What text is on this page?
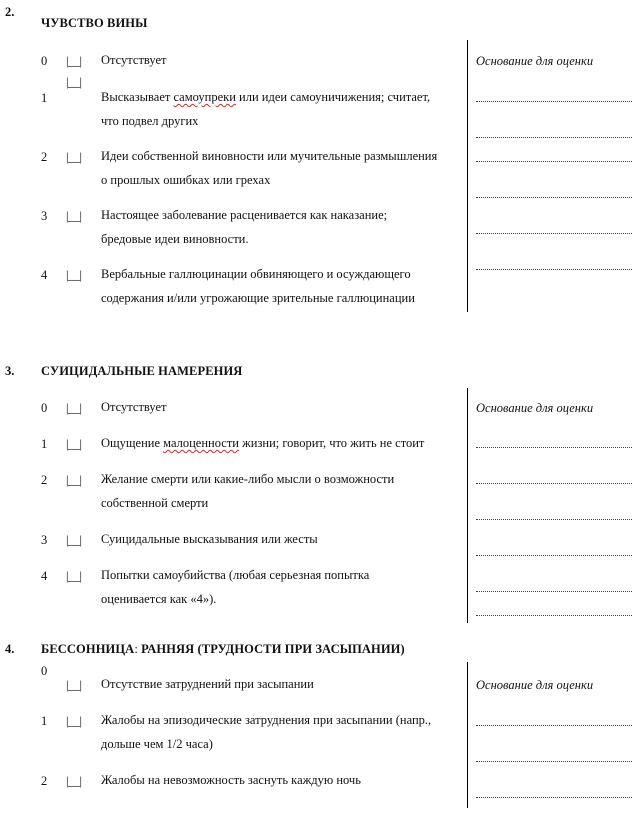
2.
ЧУВСТВО ВИНЫ
Основание для оценки
0 |__| Отсутствует
|__|
1	Высказывает самоупреки или идеи самоуничижения; считает,
что подвел других
2 |__| Идеи собственной виновности или мучительные размышления
о прошлых ошибках или грехах
3 |__| Настоящее заболевание расценивается как наказание;
бредовые идеи виновности.
4 |__| Вербальные галлюцинации обвиняющего и осуждающего
содержания и/или угрожающие зрительные галлюцинации
3. СУИЦИДАЛЬНЫЕ НАМЕРЕНИЯ
Основание для оценки
0 |__| Отсутствует
1 |__| Ощущение малоценности жизни; говорит, что жить не стоит
2 |__| Желание смерти или какие-либо мысли о возможности
собственной смерти
3 |__| Суицидальные высказывания или жесты
4 |__| Попытки самоубийства (любая серьезная попытка
оценивается как «4»).
4. БЕССОННИЦА: РАННЯЯ (ТРУДНОСТИ ПРИ ЗАСЫПАНИИ)
Основание для оценки
0
|__| Отсутствие затруднений при засыпании
1 |__| Жалобы на эпизодические затруднения при засыпании (напр.,
дольше чем 1/2 часа)
2 |__| Жалобы на невозможность заснуть каждую ночь
